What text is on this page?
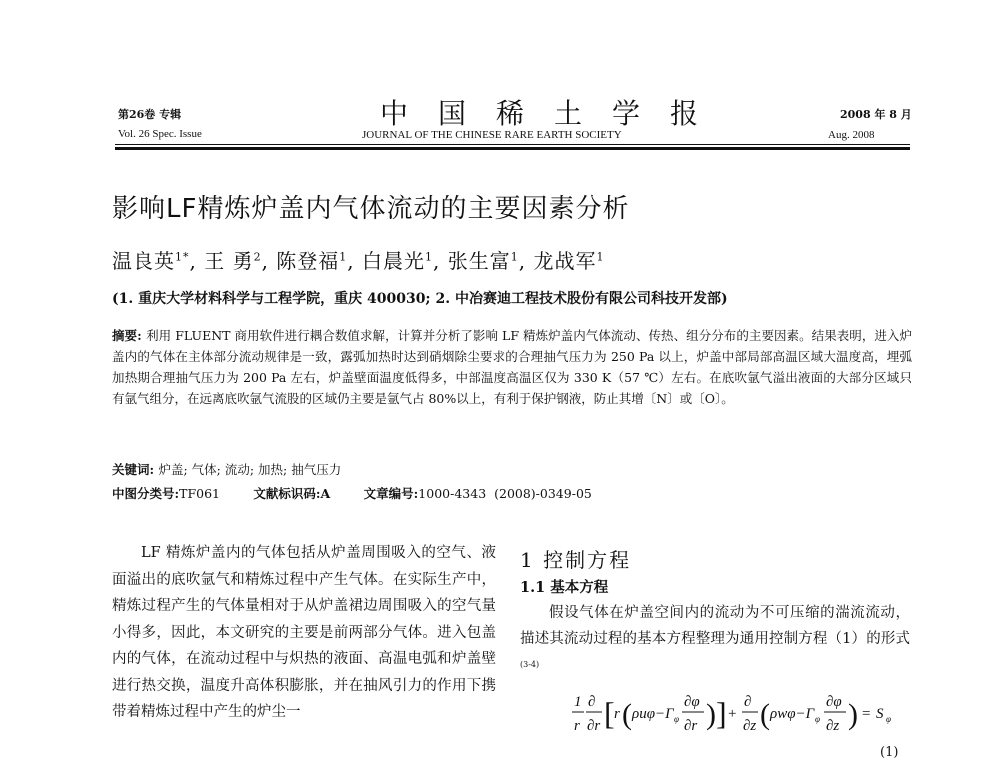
第26卷 专辑
Vol. 26 Spec. Issue
中国稀土学报
JOURNAL OF THE CHINESE RARE EARTH SOCIETY
2008 年 8 月
Aug. 2008
影响LF精炼炉盖内气体流动的主要因素分析
温良英$^{1*}$, 王 勇$^2$, 陈登福$^1$, 白晨光$^1$, 张生富$^1$, 龙战军$^1$
(1. 重庆大学材料科学与工程学院，重庆 400030; 2. 中冶赛迪工程技术股份有限公司科技开发部)
摘要: 利用 FLUENT 商用软件进行耦合数值求解，计算并分析了影响 LF 精炼炉盖内气体流动、传热、组分分布的主要因素。结果表明，进入炉盖内的气体在主体部分流动规律是一致，露弧加热时达到硝烟除尘要求的合理抽气压力为 250 Pa 以上，炉盖中部局部高温区域大温度高，埋弧加热期合理抽气压力为 200 Pa 左右，炉盖壁面温度低得多，中部温度高温区仅为 330 K（57 ℃）左右。在底吹氩气溢出液面的大部分区域只有氩气组分，在远离底吹氩气流股的区域仍主要是氩气占 80%以上，有利于保护钢液，防止其增〔N〕或〔O〕。
关键词: 炉盖; 气体; 流动; 加热; 抽气压力
中图分类号:TF061	文献标识码:A	文章编号:1000-4343 (2008)-0349-05

LF 精炼炉盖内的气体包括从炉盖周围吸入的空气、液面溢出的底吹氩气和精炼过程中产生气体。在实际生产中，精炼过程产生的气体量相对于从炉盖裙边周围吸入的空气量小得多，因此，本文研究的主要是前两部分气体。进入包盖内的气体，在流动过程中与炽热的液面、高温电弧和炉盖壁进行热交换，温度升高体积膨胀，并在抽风引力的作用下携带着精炼过程中产生的炉尘一

1 控制方程
1.1 基本方程

假设气体在炉盖空间内的流动为不可压缩的湍流流动，描述其流动过程的基本方程整理为通用控制方程（1）的形式$^{(3-4)}$

1
r
∂
∂r [ r ( ρuφ−Γ φ
∂φ
∂r ) ] +
∂
∂z ( ρwφ−Γ φ
∂φ
∂z ) = S φ
(1)
